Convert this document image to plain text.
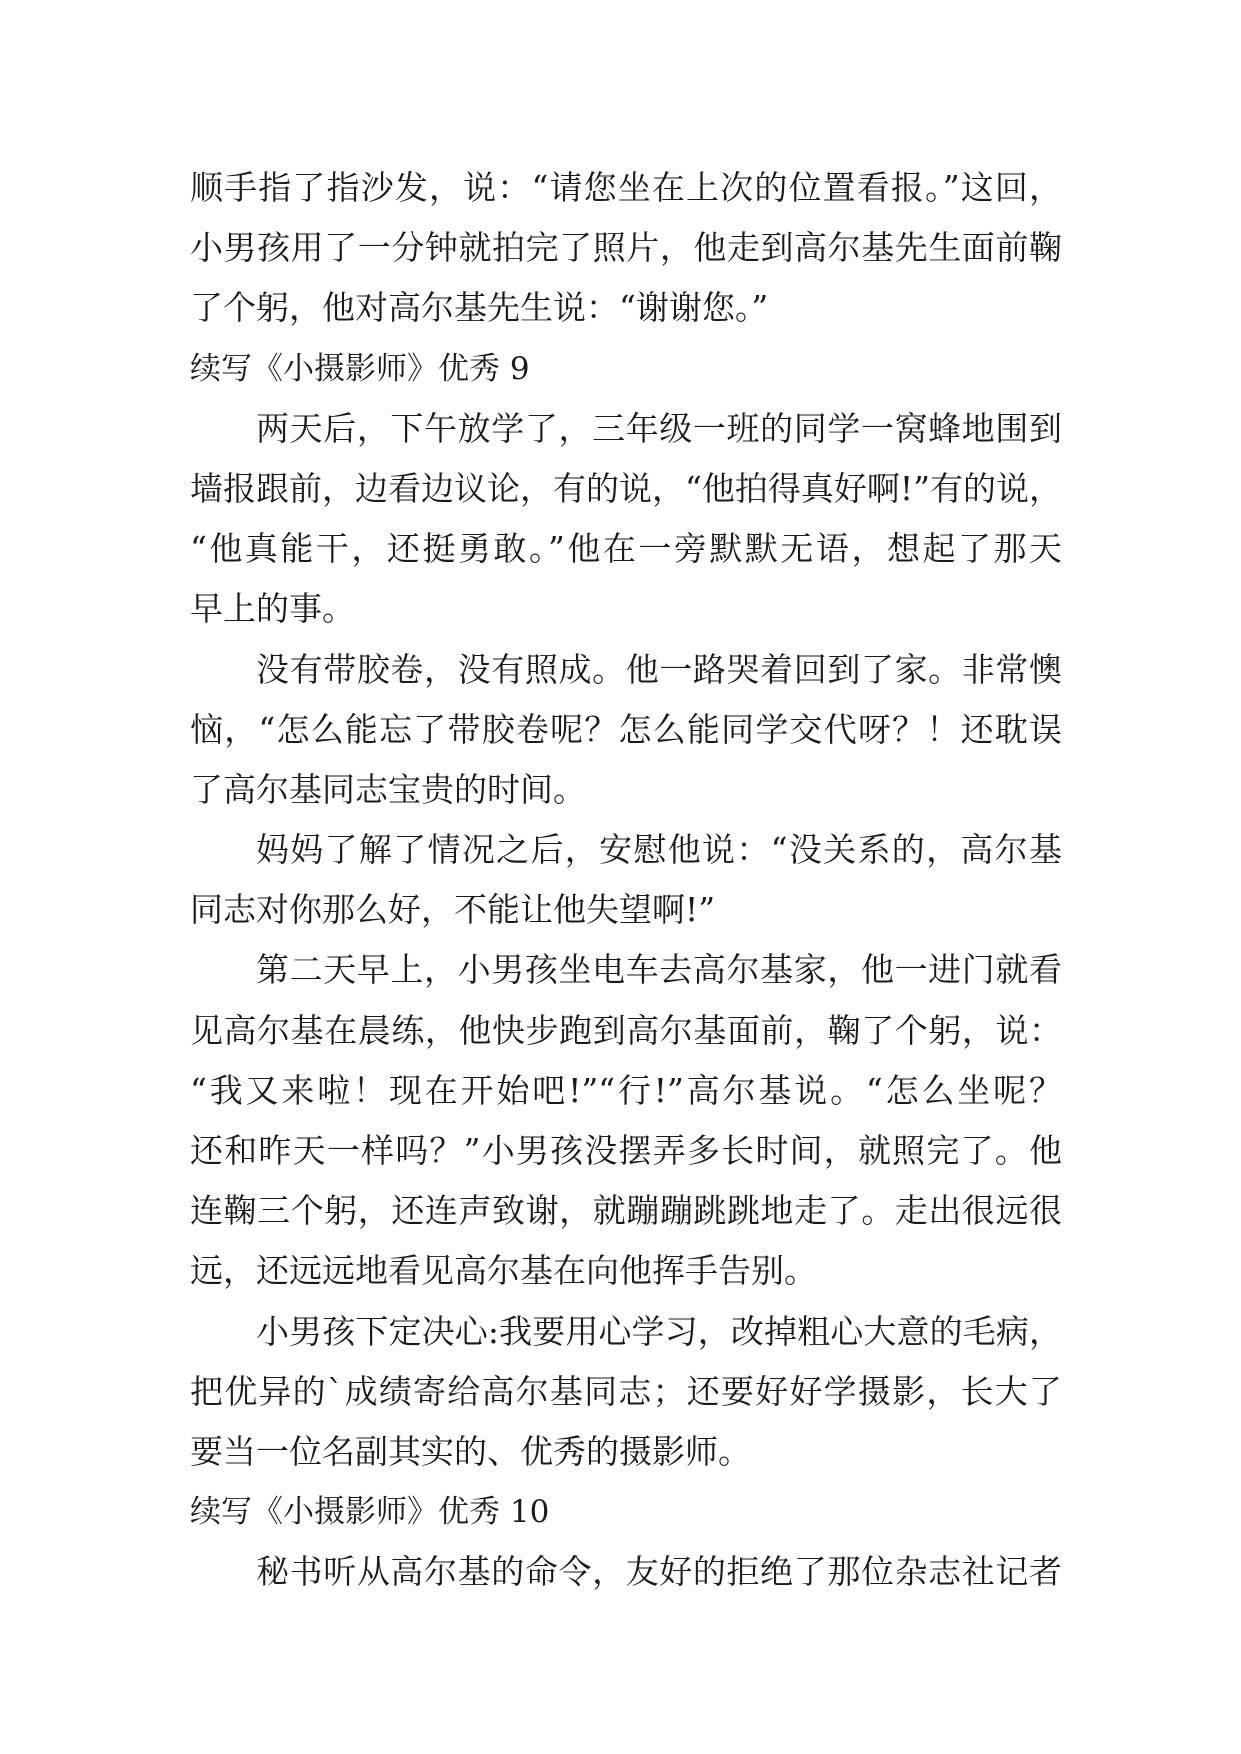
顺手指了指沙发，说：“请您坐在上次的位置看报。”这回，
小男孩用了一分钟就拍完了照片，他走到高尔基先生面前鞠
了个躬，他对高尔基先生说：“谢谢您。”
续写《小摄影师》优秀 9
两天后，下午放学了，三年级一班的同学一窝蜂地围到
墙报跟前，边看边议论，有的说，“他拍得真好啊!”有的说，
“他真能干，还挺勇敢。”他在一旁默默无语，想起了那天
早上的事。
没有带胶卷，没有照成。他一路哭着回到了家。非常懊
恼，“怎么能忘了带胶卷呢？怎么能同学交代呀？！还耽误
了高尔基同志宝贵的时间。
妈妈了解了情况之后，安慰他说：“没关系的，高尔基
同志对你那么好，不能让他失望啊!”
第二天早上，小男孩坐电车去高尔基家，他一进门就看
见高尔基在晨练，他快步跑到高尔基面前，鞠了个躬，说：
“我又来啦！现在开始吧!”“行!”高尔基说。“怎么坐呢？
还和昨天一样吗？”小男孩没摆弄多长时间，就照完了。他
连鞠三个躬，还连声致谢，就蹦蹦跳跳地走了。走出很远很
远，还远远地看见高尔基在向他挥手告别。
小男孩下定决心:我要用心学习，改掉粗心大意的毛病，
把优异的`成绩寄给高尔基同志；还要好好学摄影，长大了
要当一位名副其实的、优秀的摄影师。
续写《小摄影师》优秀 10
秘书听从高尔基的命令，友好的拒绝了那位杂志社记者
